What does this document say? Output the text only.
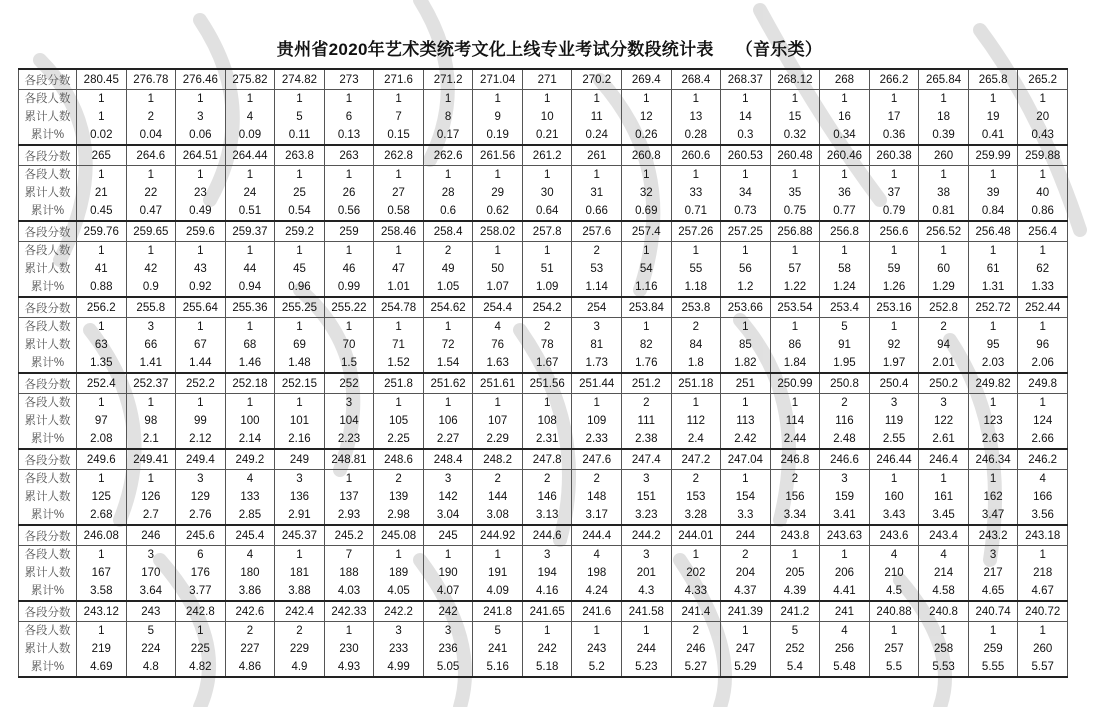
贵州省2020年艺术类统考文化上线专业考试分数段统计表 （音乐类）
各段分数	280.45	276.78	276.46	275.82	274.82	273	271.6	271.2	271.04	271	270.2	269.4	268.4	268.37	268.12	268	266.2	265.84	265.8	265.2
各段人数	1	1	1	1	1	1	1	1	1	1	1	1	1	1	1	1	1	1	1	1
累计人数	1	2	3	4	5	6	7	8	9	10	11	12	13	14	15	16	17	18	19	20
累计%	0.02	0.04	0.06	0.09	0.11	0.13	0.15	0.17	0.19	0.21	0.24	0.26	0.28	0.3	0.32	0.34	0.36	0.39	0.41	0.43
各段分数	265	264.6	264.51	264.44	263.8	263	262.8	262.6	261.56	261.2	261	260.8	260.6	260.53	260.48	260.46	260.38	260	259.99	259.88
各段人数	1	1	1	1	1	1	1	1	1	1	1	1	1	1	1	1	1	1	1	1
累计人数	21	22	23	24	25	26	27	28	29	30	31	32	33	34	35	36	37	38	39	40
累计%	0.45	0.47	0.49	0.51	0.54	0.56	0.58	0.6	0.62	0.64	0.66	0.69	0.71	0.73	0.75	0.77	0.79	0.81	0.84	0.86
各段分数	259.76	259.65	259.6	259.37	259.2	259	258.46	258.4	258.02	257.8	257.6	257.4	257.26	257.25	256.88	256.8	256.6	256.52	256.48	256.4
各段人数	1	1	1	1	1	1	1	2	1	1	2	1	1	1	1	1	1	1	1	1
累计人数	41	42	43	44	45	46	47	49	50	51	53	54	55	56	57	58	59	60	61	62
累计%	0.88	0.9	0.92	0.94	0.96	0.99	1.01	1.05	1.07	1.09	1.14	1.16	1.18	1.2	1.22	1.24	1.26	1.29	1.31	1.33
各段分数	256.2	255.8	255.64	255.36	255.25	255.22	254.78	254.62	254.4	254.2	254	253.84	253.8	253.66	253.54	253.4	253.16	252.8	252.72	252.44
各段人数	1	3	1	1	1	1	1	1	4	2	3	1	2	1	1	5	1	2	1	1
累计人数	63	66	67	68	69	70	71	72	76	78	81	82	84	85	86	91	92	94	95	96
累计%	1.35	1.41	1.44	1.46	1.48	1.5	1.52	1.54	1.63	1.67	1.73	1.76	1.8	1.82	1.84	1.95	1.97	2.01	2.03	2.06
各段分数	252.4	252.37	252.2	252.18	252.15	252	251.8	251.62	251.61	251.56	251.44	251.2	251.18	251	250.99	250.8	250.4	250.2	249.82	249.8
各段人数	1	1	1	1	1	3	1	1	1	1	1	2	1	1	1	2	3	3	1	1
累计人数	97	98	99	100	101	104	105	106	107	108	109	111	112	113	114	116	119	122	123	124
累计%	2.08	2.1	2.12	2.14	2.16	2.23	2.25	2.27	2.29	2.31	2.33	2.38	2.4	2.42	2.44	2.48	2.55	2.61	2.63	2.66
各段分数	249.6	249.41	249.4	249.2	249	248.81	248.6	248.4	248.2	247.8	247.6	247.4	247.2	247.04	246.8	246.6	246.44	246.4	246.34	246.2
各段人数	1	1	3	4	3	1	2	3	2	2	2	3	2	1	2	3	1	1	1	4
累计人数	125	126	129	133	136	137	139	142	144	146	148	151	153	154	156	159	160	161	162	166
累计%	2.68	2.7	2.76	2.85	2.91	2.93	2.98	3.04	3.08	3.13	3.17	3.23	3.28	3.3	3.34	3.41	3.43	3.45	3.47	3.56
各段分数	246.08	246	245.6	245.4	245.37	245.2	245.08	245	244.92	244.6	244.4	244.2	244.01	244	243.8	243.63	243.6	243.4	243.2	243.18
各段人数	1	3	6	4	1	7	1	1	1	3	4	3	1	2	1	1	4	4	3	1
累计人数	167	170	176	180	181	188	189	190	191	194	198	201	202	204	205	206	210	214	217	218
累计%	3.58	3.64	3.77	3.86	3.88	4.03	4.05	4.07	4.09	4.16	4.24	4.3	4.33	4.37	4.39	4.41	4.5	4.58	4.65	4.67
各段分数	243.12	243	242.8	242.6	242.4	242.33	242.2	242	241.8	241.65	241.6	241.58	241.4	241.39	241.2	241	240.88	240.8	240.74	240.72
各段人数	1	5	1	2	2	1	3	3	5	1	1	1	2	1	5	4	1	1	1	1
累计人数	219	224	225	227	229	230	233	236	241	242	243	244	246	247	252	256	257	258	259	260
累计%	4.69	4.8	4.82	4.86	4.9	4.93	4.99	5.05	5.16	5.18	5.2	5.23	5.27	5.29	5.4	5.48	5.5	5.53	5.55	5.57
